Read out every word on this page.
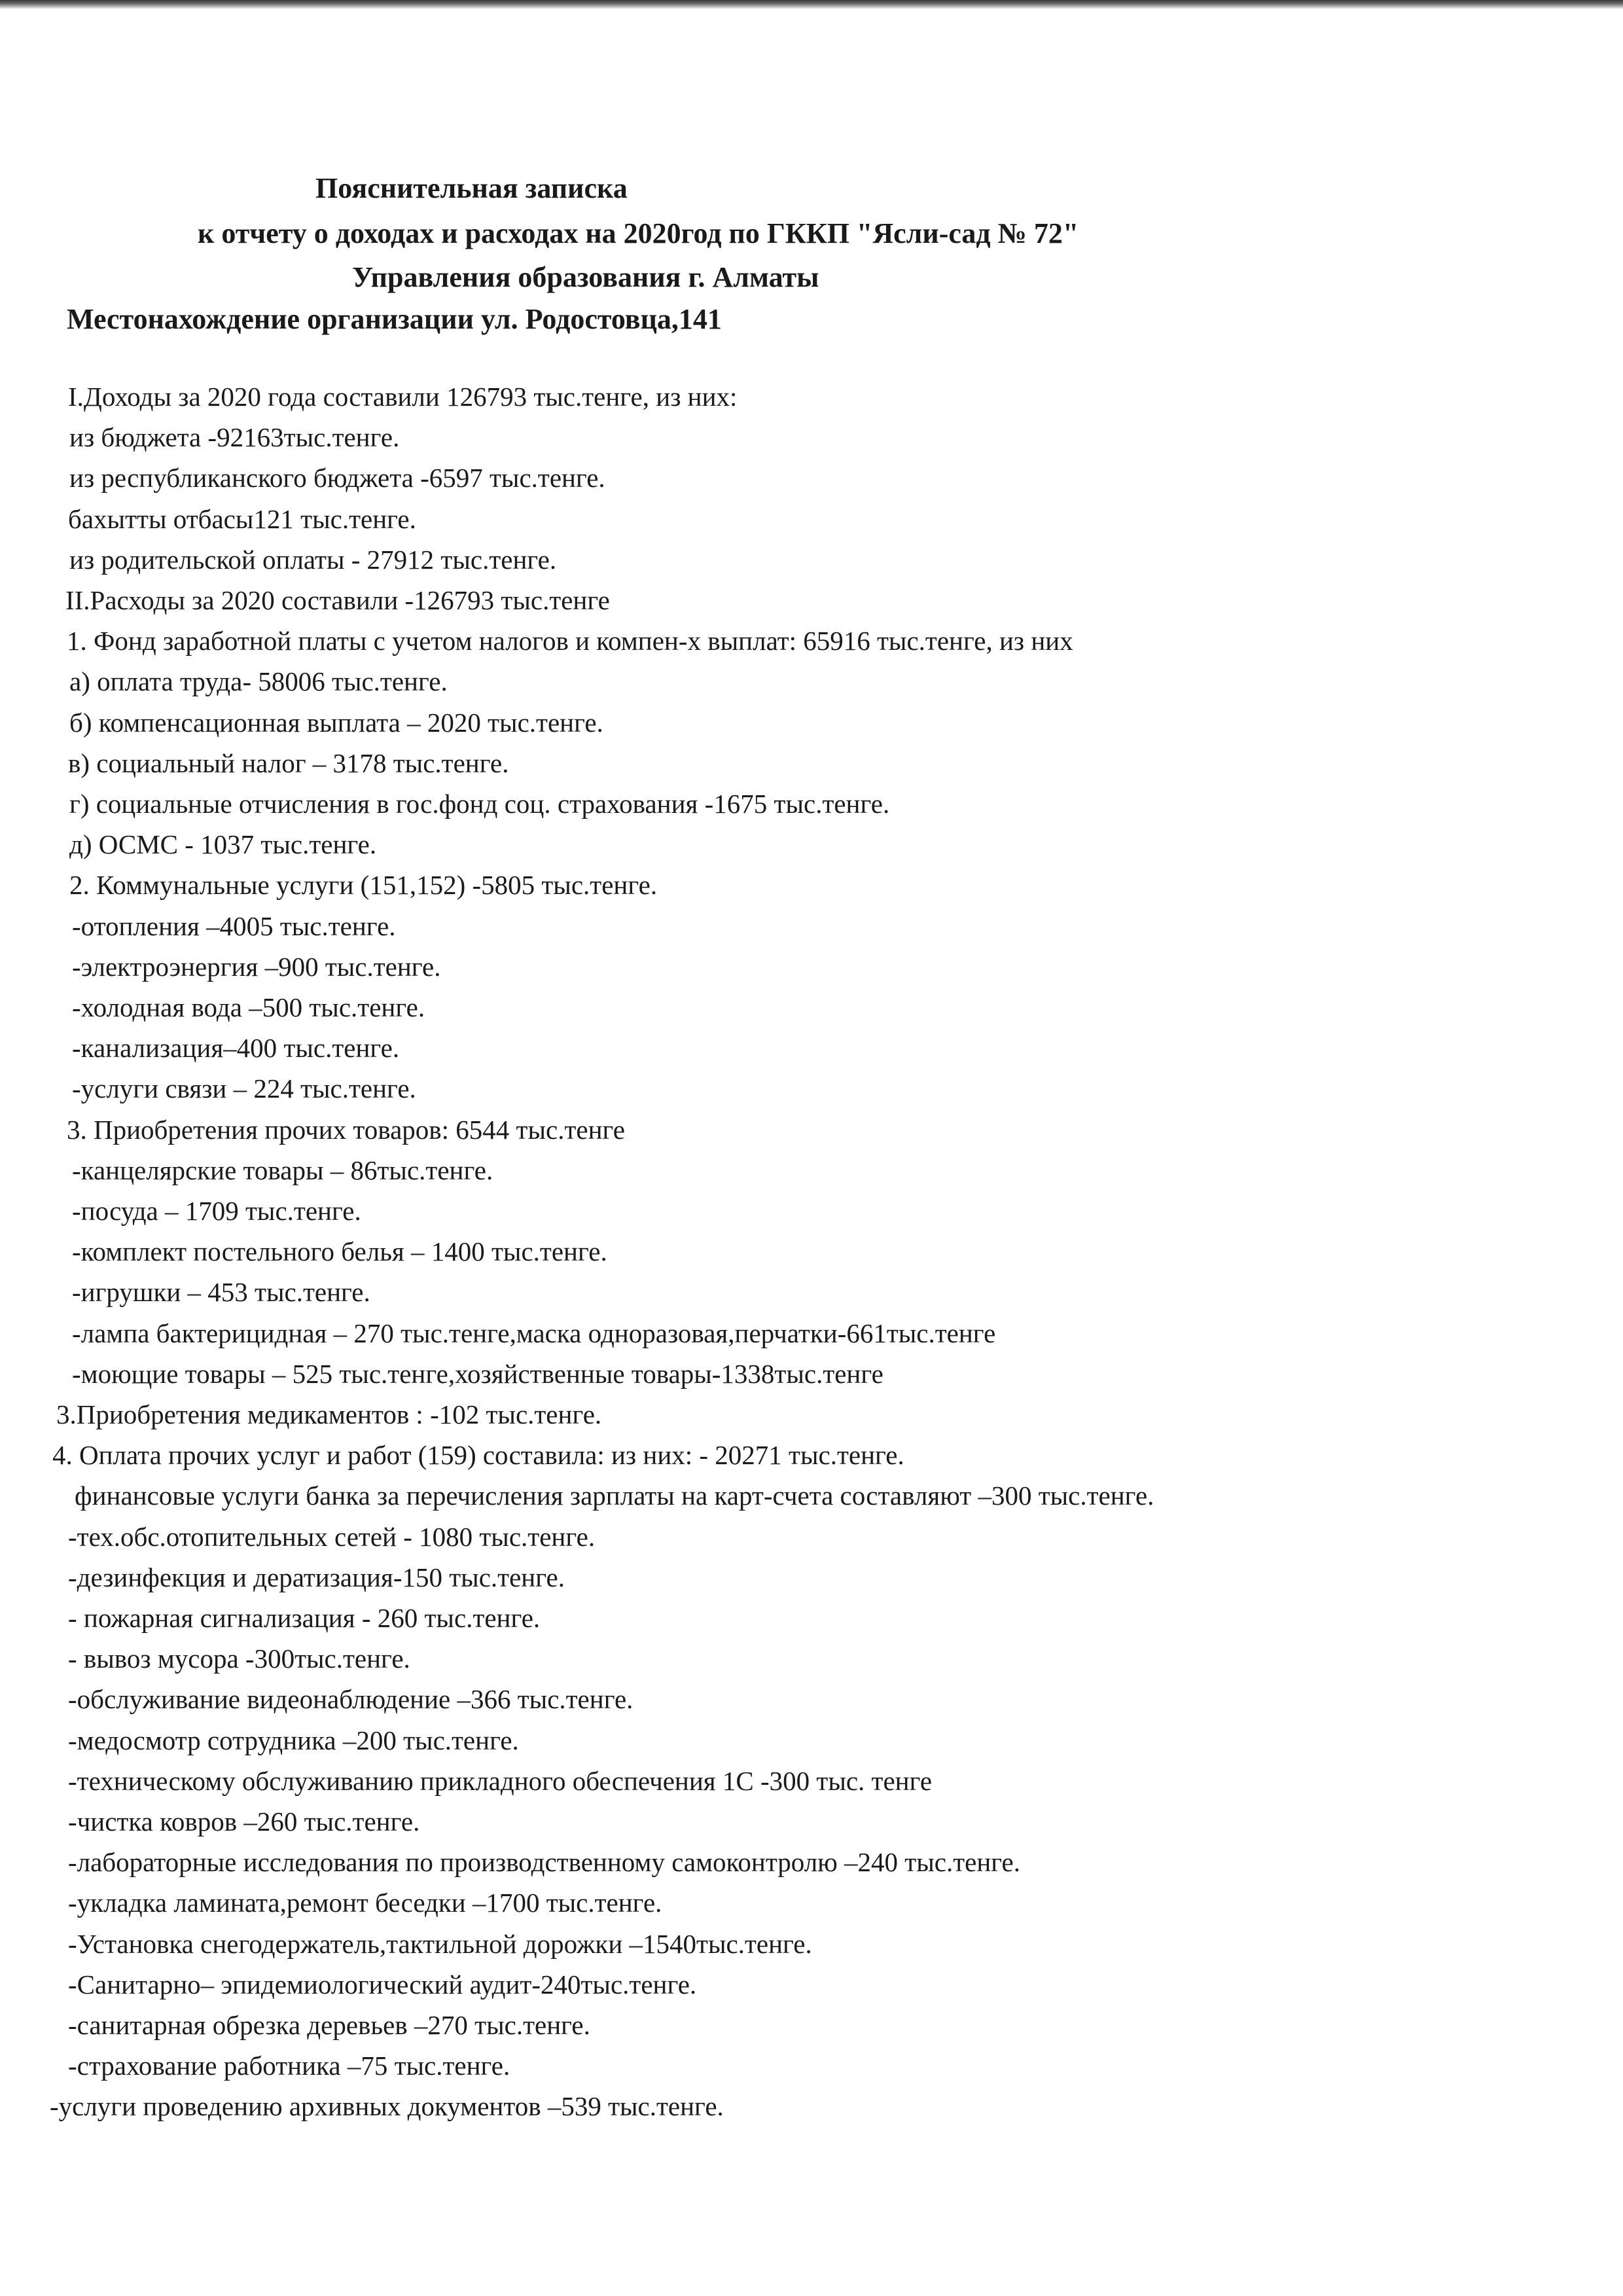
Пояснительная записка

к отчету о доходах и расходах на 2020год по ГККП "Ясли-сад № 72"

Управления образования г. Алматы

Местонахождение организации ул. Родостовца,141

I.Доходы за 2020 года составили 126793 тыс.тенге, из них:

из бюджета -92163тыс.тенге.

из республиканского бюджета -6597 тыс.тенге.

бахытты отбасы121 тыс.тенге.

из родительской оплаты - 27912 тыс.тенге.

II.Расходы за 2020 составили -126793 тыс.тенге

1. Фонд заработной платы с учетом налогов и компен-х выплат: 65916 тыс.тенге, из них

а) оплата труда- 58006 тыс.тенге.

б) компенсационная выплата – 2020 тыс.тенге.

в) социальный налог – 3178 тыс.тенге.

г) социальные отчисления в гос.фонд соц. страхования -1675 тыс.тенге.

д) ОСМС - 1037 тыс.тенге.

2. Коммунальные услуги (151,152) -5805 тыс.тенге.

-отопления –4005 тыс.тенге.

-электроэнергия –900 тыс.тенге.

-холодная вода –500 тыс.тенге.

-канализация–400 тыс.тенге.

-услуги связи – 224 тыс.тенге.

3. Приобретения прочих товаров: 6544 тыс.тенге

-канцелярские товары – 86тыс.тенге.

-посуда – 1709 тыс.тенге.

-комплект постельного белья – 1400 тыс.тенге.

-игрушки – 453 тыс.тенге.

-лампа бактерицидная – 270 тыс.тенге,маска одноразовая,перчатки-661тыс.тенге

-моющие товары – 525 тыс.тенге,хозяйственные товары-1338тыс.тенге

3.Приобретения медикаментов : -102 тыс.тенге.

4. Оплата прочих услуг и работ (159) составила: из них: - 20271 тыс.тенге.

финансовые услуги банка за перечисления зарплаты на карт-счета составляют –300 тыс.тенге.

-тех.обс.отопительных сетей - 1080 тыс.тенге.

-дезинфекция и дератизация-150 тыс.тенге.

- пожарная сигнализация - 260 тыс.тенге.

- вывоз мусора -300тыс.тенге.

-обслуживание видеонаблюдение –366 тыс.тенге.

-медосмотр сотрудника –200 тыс.тенге.

-техническому обслуживанию прикладного обеспечения 1С -300 тыс. тенге

-чистка ковров –260 тыс.тенге.

-лабораторные исследования по производственному самоконтролю –240 тыс.тенге.

-укладка ламината,ремонт беседки –1700 тыс.тенге.

-Установка снегодержатель,тактильной дорожки –1540тыс.тенге.

-Санитарно– эпидемиологический аудит-240тыс.тенге.

-санитарная обрезка деревьев –270 тыс.тенге.

-страхование работника –75 тыс.тенге.

-услуги проведению архивных документов –539 тыс.тенге.
